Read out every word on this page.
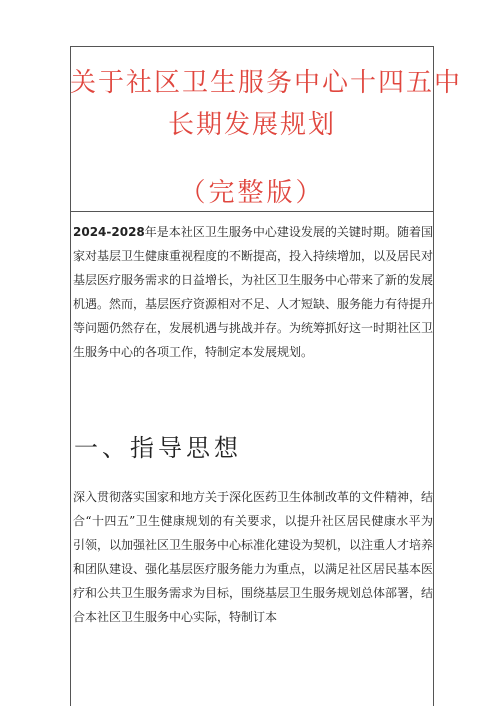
关于社区卫生服务中心十四五中
长期发展规划
（完整版）

2024-2028年是本社区卫生服务中心建设发展的关键时期。随着国家对基层卫生健康重视程度的不断提高，投入持续增加，以及居民对基层医疗服务需求的日益增长，为社区卫生服务中心带来了新的发展机遇。然而，基层医疗资源相对不足、人才短缺、服务能力有待提升等问题仍然存在，发展机遇与挑战并存。为统筹抓好这一时期社区卫生服务中心的各项工作，特制定本发展规划。

一、指导思想

深入贯彻落实国家和地方关于深化医药卫生体制改革的文件精神，结合“十四五”卫生健康规划的有关要求，以提升社区居民健康水平为引领，以加强社区卫生服务中心标准化建设为契机，以注重人才培养和团队建设、强化基层医疗服务能力为重点，以满足社区居民基本医疗和公共卫生服务需求为目标，围绕基层卫生服务规划总体部署，结合本社区卫生服务中心实际，特制订本
